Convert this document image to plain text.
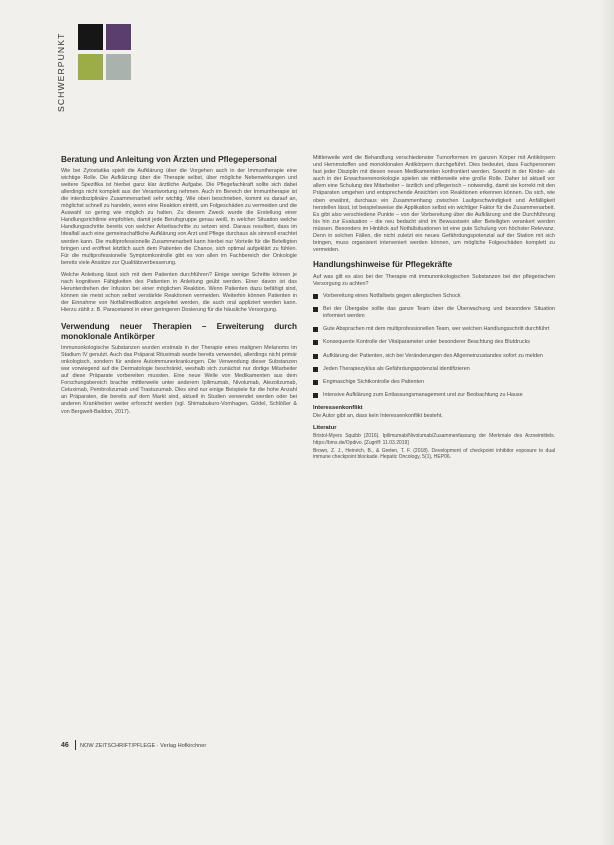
SCHWERPUNKT
Beratung und Anleitung von Ärzten und Pflegepersonal

Wie bei Zytostatika spielt die Aufklärung über die Vorgehen auch in der Immuntherapie eine wichtige Rolle. Die Aufklärung über die Therapie selbst, über mögliche Nebenwirkungen und weitere Spezifika ist hierbei ganz klar ärztliche Aufgabe. Die Pflegefachkraft sollte sich dabei allerdings nicht komplett aus der Verantwortung nehmen. Auch im Bereich der Immuntherapie ist die interdisziplinäre Zusammenarbeit sehr wichtig. Wie oben beschrieben, kommt es darauf an, möglichst schnell zu handeln, wenn eine Reaktion eintritt, um Folgeschäden zu vermeiden und die Auswahl so gering wie möglich zu halten. Zu diesem Zweck wurde die Erstellung einer Handlungsrichtlinie empfohlen, damit jede Berufsgruppe genau weiß, in welcher Situation welche Handlungsschritte bereits von welcher Arbeitsschritte zu setzen sind. Daraus resultiert, dass im Idealfall auch eine gemeinschaftliche Aufklärung von Arzt und Pflege durchaus als sinnvoll erachtet werden kann. Die multiprofessionelle Zusammenarbeit kann hierbei nur Vorteile für die Beteiligten bringen und eröffnet letztlich auch dem Patienten die Chance, sich optimal aufgeklärt zu fühlen. Für die multiprofessionelle Symptomkontrolle gibt es von allen im Fachbereich der Onkologie bereits viele Ansätze zur Qualitätsverbesserung.

Welche Anleitung lässt sich mit dem Patienten durchführen? Einige wenige Schritte können je nach kognitiven Fähigkeiten des Patienten in Anleitung geübt werden. Einer davon ist das Herunterdrehen der Infusion bei einer möglichen Reaktion. Wenn Patienten dazu befähigt sind, können sie meist schon selbst verstärkte Reaktionen vermeiden. Weiterhin können Patienten in der Einnahme von Notfallmedikation angeleitet werden, die auch oral appliziert werden kann. Hierzu zählt z. B. Paracetamol in einer geringeren Dosierung für die häusliche Versorgung.

Verwendung neuer Therapien – Erweiterung durch monoklonale Antikörper

Immunonkologische Substanzen wurden erstmals in der Therapie eines malignen Melanoms im Stadium IV genutzt. Auch das Präparat Rituximab wurde bereits verwendet, allerdings nicht primär onkologisch, sondern für andere Autoimmunerkrankungen. Die Verwendung dieser Substanzen war vorwiegend auf die Dermatologie beschränkt, weshalb sich zunächst nur dortige Mitarbeiter auf diese Präparate vorbereiten mussten. Eine neue Welle von Medikamenten aus dem Forschungsbereich brachte mittlerweile unter anderem Ipilimumab, Nivolumab, Atezolizumab, Cetuximab, Pembrolizumab und Trastuzumab. Dies sind nur einige Beispiele für die hohe Anzahl an Präparaten, die bereits auf dem Markt sind, aktuell in Studien verwendet werden oder bei anderen Krankheiten weiter erforscht werden (vgl. Shimabukuro-Vornhagen, Gödel, Schlößer & von Bergwelt-Baildon, 2017).

Mittlerweile wird die Behandlung verschiedenster Tumorformen im ganzen Körper mit Antikörpern und Hemmstoffen und monoklonalen Antikörpern durchgeführt. Dies bedeutet, dass Fachpersonen fast jeder Disziplin mit diesen neuen Medikamenten konfrontiert werden. Sowohl in der Kinder- als auch in der Erwachsenenonkologie spielen sie mittlerweile eine große Rolle. Daher ist aktuell vor allem eine Schulung des Mitarbeiter – ärztlich und pflegerisch – notwendig, damit sie korrekt mit den Präparaten umgehen und entsprechende Ansichten von Reaktionen erkennen können. Da sich, wie oben erwähnt, durchaus ein Zusammenhang zwischen Laufgeschwindigkeit und Anfälligkeit herstellen lässt, ist beispielsweise die Applikation selbst ein wichtiger Faktor für die Zusammenarbeit. Es gibt also verschiedene Punkte – von der Vorbereitung über die Aufklärung und die Durchführung bis hin zur Evaluation – die neu bedacht sind im Bewusstsein aller Beteiligten verankert werden müssen. Besonders im Hinblick auf Notfallsituationen ist eine gute Schulung von höchster Relevanz. Denn in solchen Fällen, die nicht zuletzt ein neues Gefährdungspotenzial auf der Station mit sich bringen, muss organisiert interveniert werden können, um mögliche Folgeschäden komplett zu vermeiden.

Handlungshinweise für Pflegekräfte

Auf was gilt es also bei der Therapie mit immunonkologischen Substanzen bei der pflegerischen Versorgung zu achten?

Vorbereitung eines Notfallsets gegen allergischen Schock
Bei der Übergabe sollte das ganze Team über die Überwachung und besondere Situation informiert werden
Gute Absprachen mit dem multiprofessionellen Team, wer welchen Handlungsschritt durchführt
Konsequente Kontrolle der Vitalparameter unter besonderer Beachtung des Blutdrucks
Aufklärung der Patienten, sich bei Veränderungen des Allgemeinzustandes sofort zu melden
Jeden Therapiezyklus als Gefährdungspotenzial identifizieren
Engmaschige Sichtkontrolle des Patienten
Intensive Aufklärung zum Entlassungsmanagement und zur Beobachtung zu Hause
Interessenkonflikt

Die Autor gibt an, dass kein Interessenkonflikt besteht.

Literatur

Bristol-Myers Squibb (2016). Ipilimumab/Nivolumab/Zusammenfassung der Merkmale des Arzneimittels. https://bms.de/Opdivo. [Zugriff: 11.03.2019]

Brown, Z. J., Heinrich, B., & Greten, T. F. (2018). Development of checkpoint inhibitor exposure to dual immune checkpoint blockade. Hepatic Oncology, 5(1), HEP06.

46 NOW ZEITSCHRIFT/PFLEGE · Verlag Hofkirchner
